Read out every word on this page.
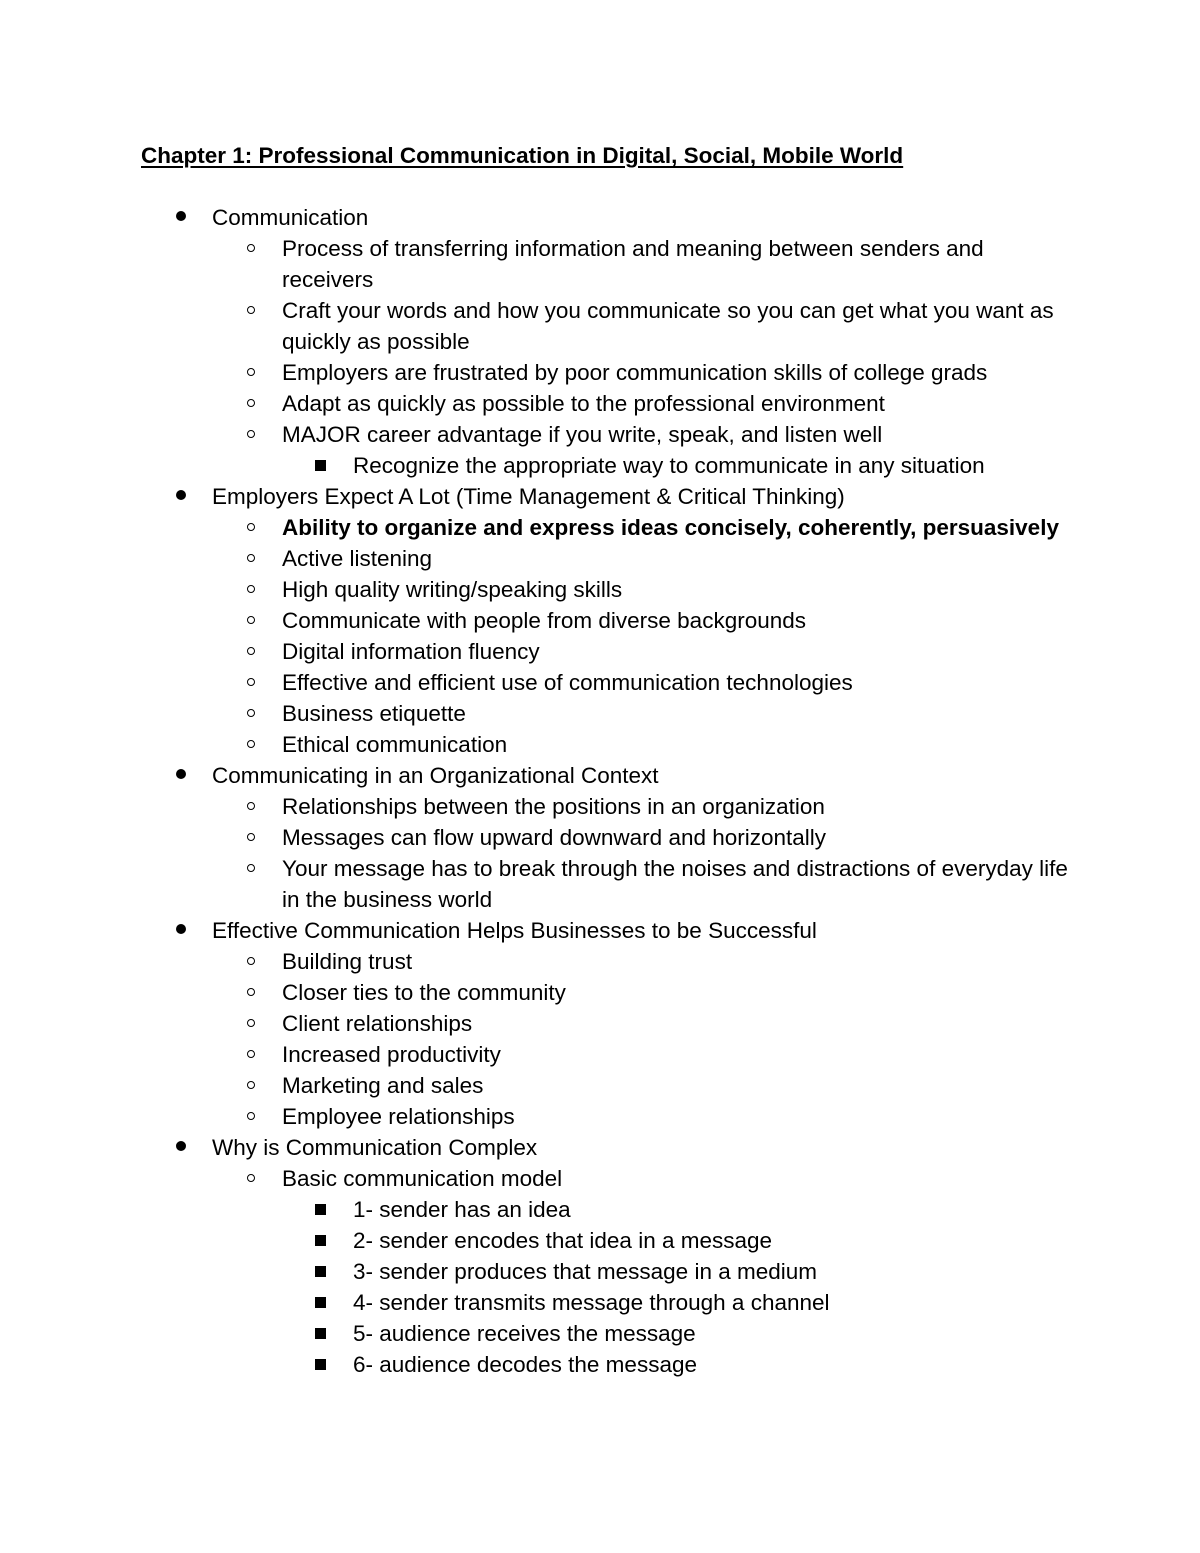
Chapter 1: Professional Communication in Digital, Social, Mobile World
Communication
Process of transferring information and meaning between senders and receivers
Craft your words and how you communicate so you can get what you want as quickly as possible
Employers are frustrated by poor communication skills of college grads
Adapt as quickly as possible to the professional environment
MAJOR career advantage if you write, speak, and listen well
Recognize the appropriate way to communicate in any situation
Employers Expect A Lot (Time Management & Critical Thinking)
Ability to organize and express ideas concisely, coherently, persuasively
Active listening
High quality writing/speaking skills
Communicate with people from diverse backgrounds
Digital information fluency
Effective and efficient use of communication technologies
Business etiquette
Ethical communication
Communicating in an Organizational Context
Relationships between the positions in an organization
Messages can flow upward downward and horizontally
Your message has to break through the noises and distractions of everyday life in the business world
Effective Communication Helps Businesses to be Successful
Building trust
Closer ties to the community
Client relationships
Increased productivity
Marketing and sales
Employee relationships
Why is Communication Complex
Basic communication model
1- sender has an idea
2- sender encodes that idea in a message
3- sender produces that message in a medium
4- sender transmits message through a channel
5- audience receives the message
6- audience decodes the message
